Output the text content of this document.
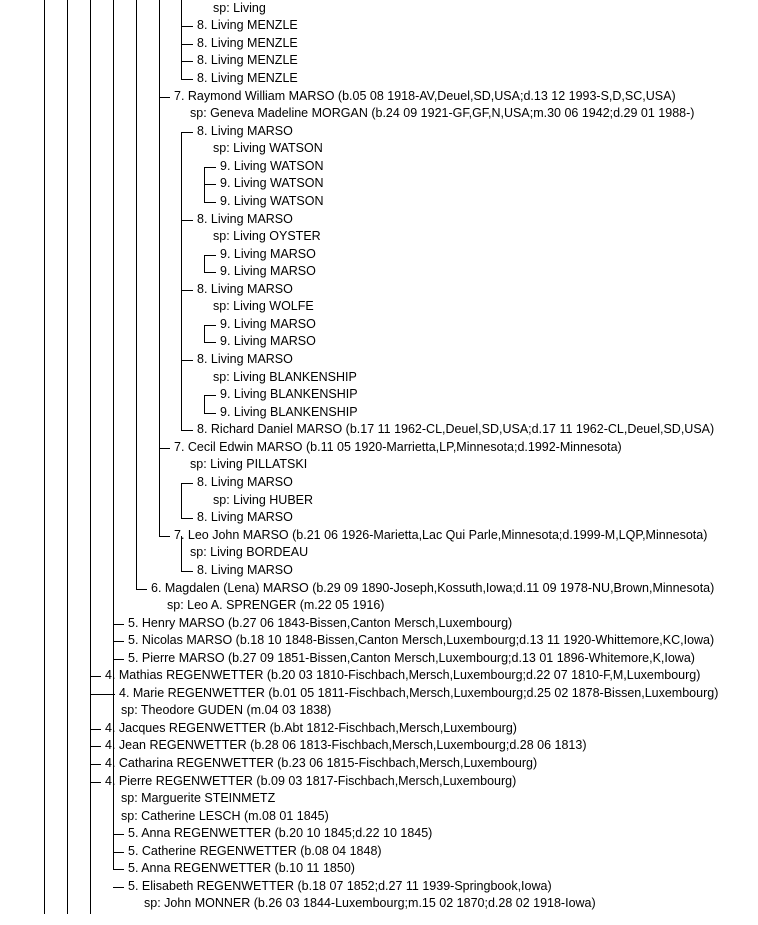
sp: Living
8. Living MENZLE
8. Living MENZLE
8. Living MENZLE
8. Living MENZLE
7. Raymond William MARSO (b.05 08 1918-AV,Deuel,SD,USA;d.13 12 1993-S,D,SC,USA)
sp: Geneva Madeline MORGAN (b.24 09 1921-GF,GF,N,USA;m.30 06 1942;d.29 01 1988-)
8. Living MARSO
sp: Living WATSON
9. Living WATSON
9. Living WATSON
9. Living WATSON
8. Living MARSO
sp: Living OYSTER
9. Living MARSO
9. Living MARSO
8. Living MARSO
sp: Living WOLFE
9. Living MARSO
9. Living MARSO
8. Living MARSO
sp: Living BLANKENSHIP
9. Living BLANKENSHIP
9. Living BLANKENSHIP
8. Richard Daniel MARSO (b.17 11 1962-CL,Deuel,SD,USA;d.17 11 1962-CL,Deuel,SD,USA)
7. Cecil Edwin MARSO (b.11 05 1920-Marrietta,LP,Minnesota;d.1992-Minnesota)
sp: Living PILLATSKI
8. Living MARSO
sp: Living HUBER
8. Living MARSO
7. Leo John MARSO (b.21 06 1926-Marietta,Lac Qui Parle,Minnesota;d.1999-M,LQP,Minnesota)
sp: Living BORDEAU
8. Living MARSO
6. Magdalen (Lena) MARSO (b.29 09 1890-Joseph,Kossuth,Iowa;d.11 09 1978-NU,Brown,Minnesota)
sp: Leo A. SPRENGER (m.22 05 1916)
5. Henry MARSO (b.27 06 1843-Bissen,Canton Mersch,Luxembourg)
5. Nicolas MARSO (b.18 10 1848-Bissen,Canton Mersch,Luxembourg;d.13 11 1920-Whittemore,KC,Iowa)
5. Pierre MARSO (b.27 09 1851-Bissen,Canton Mersch,Luxembourg;d.13 01 1896-Whitemore,K,Iowa)
4. Mathias REGENWETTER (b.20 03 1810-Fischbach,Mersch,Luxembourg;d.22 07 1810-F,M,Luxembourg)
4. Marie REGENWETTER (b.01 05 1811-Fischbach,Mersch,Luxembourg;d.25 02 1878-Bissen,Luxembourg)
sp: Theodore GUDEN (m.04 03 1838)
4. Jacques REGENWETTER (b.Abt 1812-Fischbach,Mersch,Luxembourg)
4. Jean REGENWETTER (b.28 06 1813-Fischbach,Mersch,Luxembourg;d.28 06 1813)
4. Catharina REGENWETTER (b.23 06 1815-Fischbach,Mersch,Luxembourg)
4. Pierre REGENWETTER (b.09 03 1817-Fischbach,Mersch,Luxembourg)
sp: Marguerite STEINMETZ
sp: Catherine LESCH (m.08 01 1845)
5. Anna REGENWETTER (b.20 10 1845;d.22 10 1845)
5. Catherine REGENWETTER (b.08 04 1848)
5. Anna REGENWETTER (b.10 11 1850)
5. Elisabeth REGENWETTER (b.18 07 1852;d.27 11 1939-Springbook,Iowa)
sp: John MONNER (b.26 03 1844-Luxembourg;m.15 02 1870;d.28 02 1918-Iowa)
